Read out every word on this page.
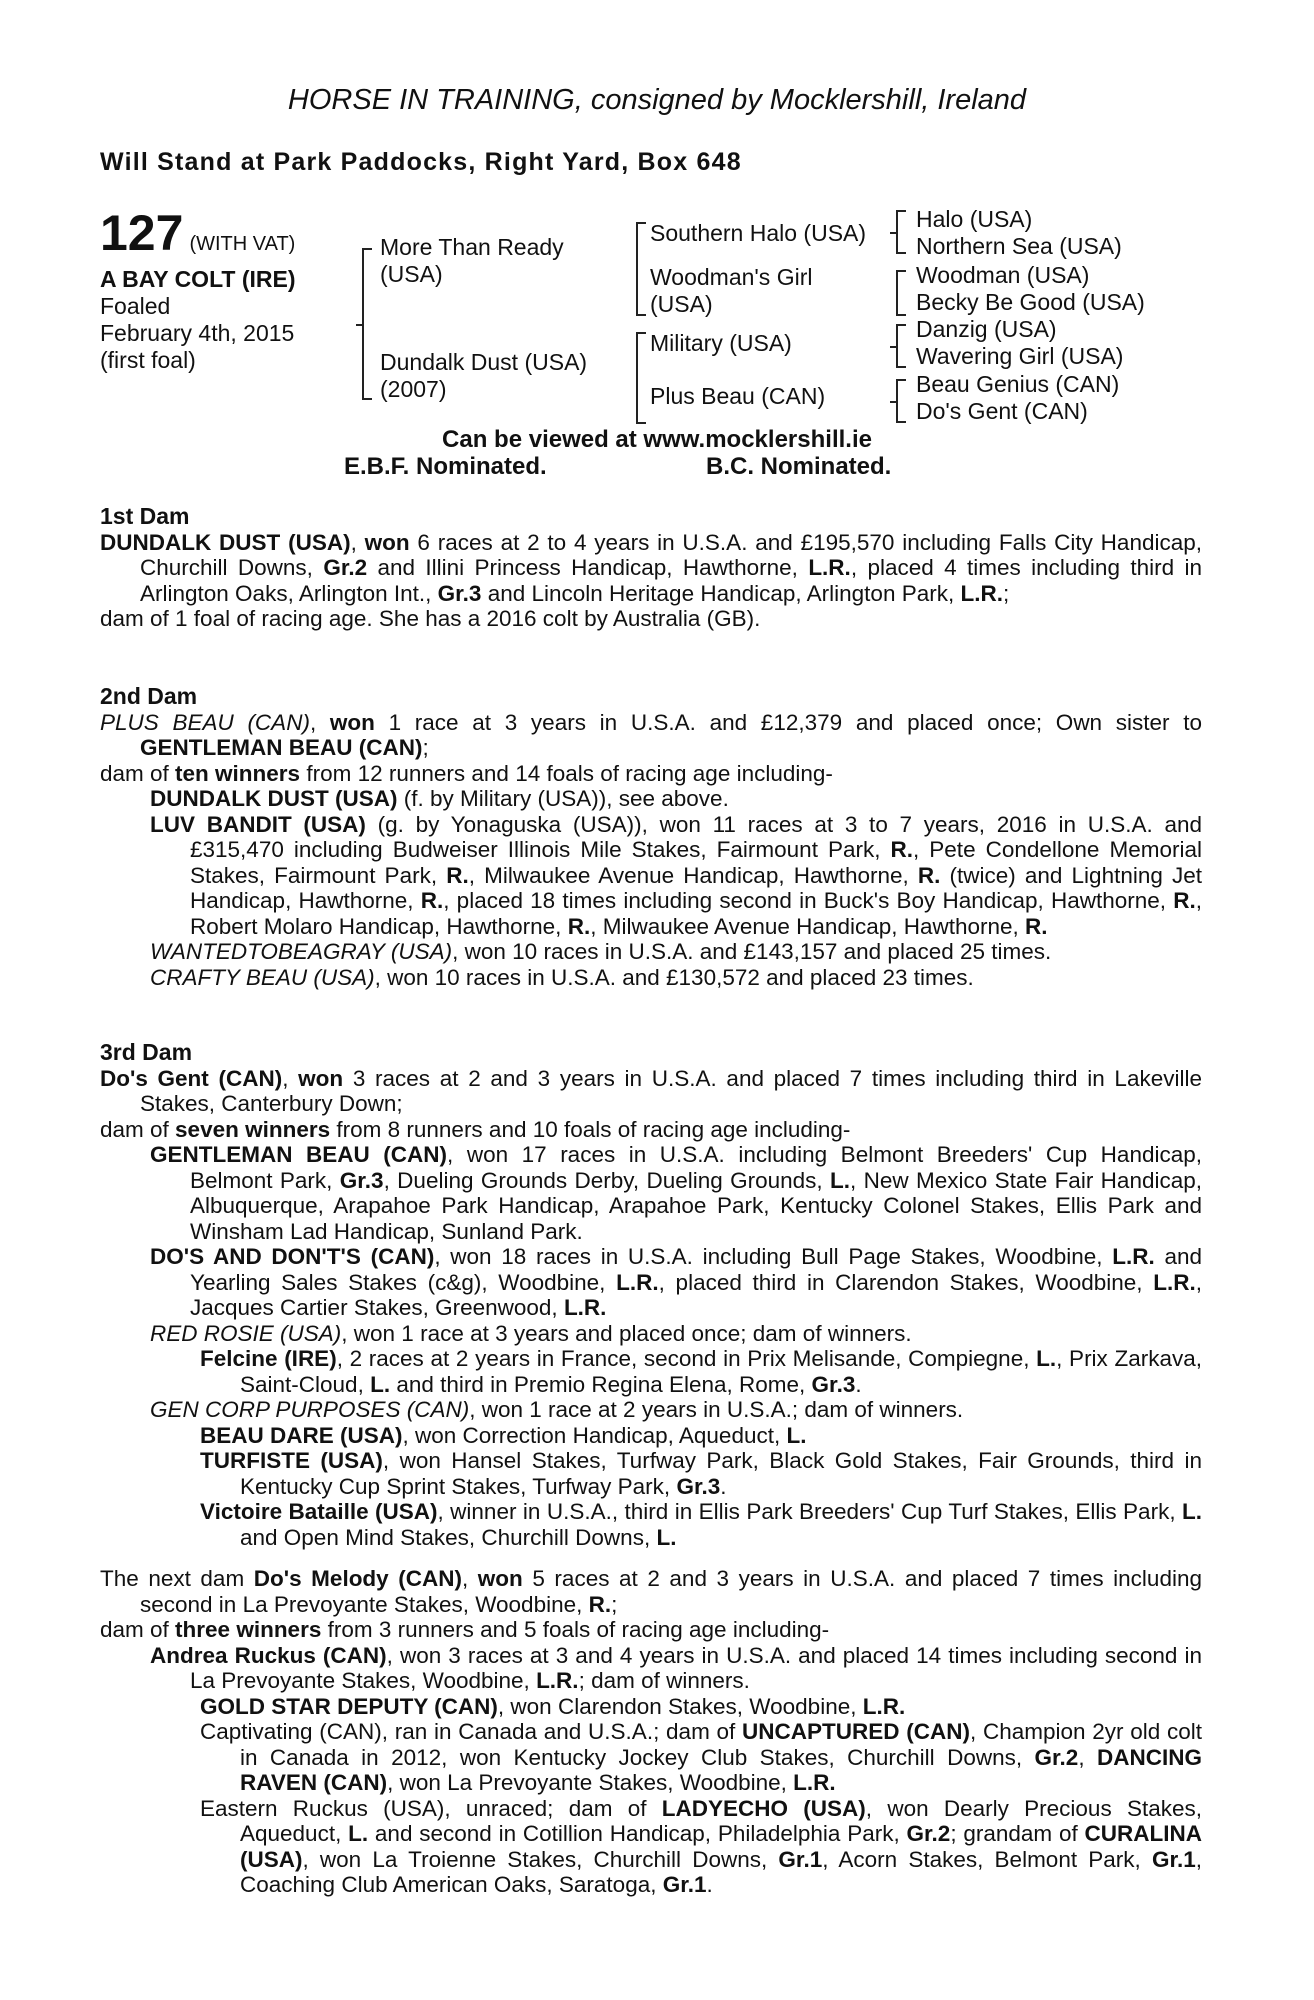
HORSE IN TRAINING, consigned by Mocklershill, Ireland
Will Stand at Park Paddocks, Right Yard, Box 648
127 (WITH VAT)
A BAY COLT (IRE)
Foaled
February 4th, 2015
(first foal)
More Than Ready
(USA)
Dundalk Dust (USA)
(2007)
Southern Halo (USA)
Woodman's Girl
(USA)
Military (USA)
Plus Beau (CAN)
Halo (USA)
Northern Sea (USA)
Woodman (USA)
Becky Be Good (USA)
Danzig (USA)
Wavering Girl (USA)
Beau Genius (CAN)
Do's Gent (CAN)
Can be viewed at www.mocklershill.ie
E.B.F. Nominated.	B.C. Nominated.
1st Dam

DUNDALK DUST (USA), won 6 races at 2 to 4 years in U.S.A. and £195,570 including Falls City Handicap, Churchill Downs, Gr.2 and Illini Princess Handicap, Hawthorne, L.R., placed 4 times including third in Arlington Oaks, Arlington Int., Gr.3 and Lincoln Heritage Handicap, Arlington Park, L.R.;

dam of 1 foal of racing age. She has a 2016 colt by Australia (GB).

2nd Dam

PLUS BEAU (CAN), won 1 race at 3 years in U.S.A. and £12,379 and placed once; Own sister to GENTLEMAN BEAU (CAN);

dam of ten winners from 12 runners and 14 foals of racing age including-

DUNDALK DUST (USA) (f. by Military (USA)), see above.

LUV BANDIT (USA) (g. by Yonaguska (USA)), won 11 races at 3 to 7 years, 2016 in U.S.A. and £315,470 including Budweiser Illinois Mile Stakes, Fairmount Park, R., Pete Condellone Memorial Stakes, Fairmount Park, R., Milwaukee Avenue Handicap, Hawthorne, R. (twice) and Lightning Jet Handicap, Hawthorne, R., placed 18 times including second in Buck's Boy Handicap, Hawthorne, R., Robert Molaro Handicap, Hawthorne, R., Milwaukee Avenue Handicap, Hawthorne, R.

WANTEDTOBEAGRAY (USA), won 10 races in U.S.A. and £143,157 and placed 25 times.

CRAFTY BEAU (USA), won 10 races in U.S.A. and £130,572 and placed 23 times.

3rd Dam

Do's Gent (CAN), won 3 races at 2 and 3 years in U.S.A. and placed 7 times including third in Lakeville Stakes, Canterbury Down;

dam of seven winners from 8 runners and 10 foals of racing age including-

GENTLEMAN BEAU (CAN), won 17 races in U.S.A. including Belmont Breeders' Cup Handicap, Belmont Park, Gr.3, Dueling Grounds Derby, Dueling Grounds, L., New Mexico State Fair Handicap, Albuquerque, Arapahoe Park Handicap, Arapahoe Park, Kentucky Colonel Stakes, Ellis Park and Winsham Lad Handicap, Sunland Park.

DO'S AND DON'T'S (CAN), won 18 races in U.S.A. including Bull Page Stakes, Woodbine, L.R. and Yearling Sales Stakes (c&g), Woodbine, L.R., placed third in Clarendon Stakes, Woodbine, L.R., Jacques Cartier Stakes, Greenwood, L.R.

RED ROSIE (USA), won 1 race at 3 years and placed once; dam of winners.

Felcine (IRE), 2 races at 2 years in France, second in Prix Melisande, Compiegne, L., Prix Zarkava, Saint-Cloud, L. and third in Premio Regina Elena, Rome, Gr.3.

GEN CORP PURPOSES (CAN), won 1 race at 2 years in U.S.A.; dam of winners.

BEAU DARE (USA), won Correction Handicap, Aqueduct, L.

TURFISTE (USA), won Hansel Stakes, Turfway Park, Black Gold Stakes, Fair Grounds, third in Kentucky Cup Sprint Stakes, Turfway Park, Gr.3.

Victoire Bataille (USA), winner in U.S.A., third in Ellis Park Breeders' Cup Turf Stakes, Ellis Park, L. and Open Mind Stakes, Churchill Downs, L.

The next dam Do's Melody (CAN), won 5 races at 2 and 3 years in U.S.A. and placed 7 times including second in La Prevoyante Stakes, Woodbine, R.;

dam of three winners from 3 runners and 5 foals of racing age including-

Andrea Ruckus (CAN), won 3 races at 3 and 4 years in U.S.A. and placed 14 times including second in La Prevoyante Stakes, Woodbine, L.R.; dam of winners.

GOLD STAR DEPUTY (CAN), won Clarendon Stakes, Woodbine, L.R.

Captivating (CAN), ran in Canada and U.S.A.; dam of UNCAPTURED (CAN), Champion 2yr old colt in Canada in 2012, won Kentucky Jockey Club Stakes, Churchill Downs, Gr.2, DANCING RAVEN (CAN), won La Prevoyante Stakes, Woodbine, L.R.

Eastern Ruckus (USA), unraced; dam of LADYECHO (USA), won Dearly Precious Stakes, Aqueduct, L. and second in Cotillion Handicap, Philadelphia Park, Gr.2; grandam of CURALINA (USA), won La Troienne Stakes, Churchill Downs, Gr.1, Acorn Stakes, Belmont Park, Gr.1, Coaching Club American Oaks, Saratoga, Gr.1.
